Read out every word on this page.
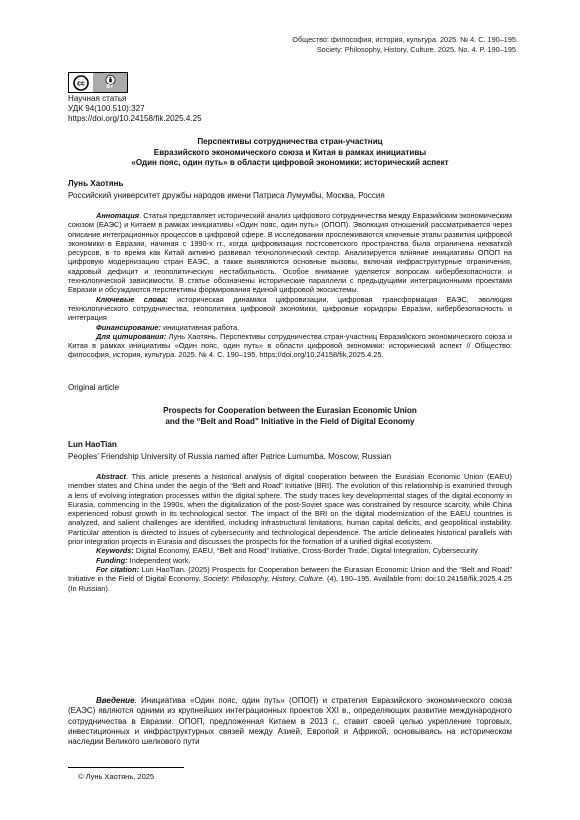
Общество: философия, история, культура. 2025. № 4. С. 190–195.
Society: Philosophy, History, Culture. 2025. No. 4. P. 190–195.
cc	BY
Научная статья
УДК 94(100.510):327
https://doi.org/10.24158/fik.2025.4.25
Перспективы сотрудничества стран-участниц
Евразийского экономического союза и Китая в рамках инициативы
«Один пояс, один путь» в области цифровой экономики: исторический аспект
Лунь Хаотянь
Российский университет дружбы народов имени Патриса Лумумбы, Москва, Россия

Аннотация. Статья представляет исторический анализ цифрового сотрудничества между Евразийским экономическим союзом (ЕАЭС) и Китаем в рамках инициативы «Один пояс, один путь» (ОПОП). Эволюция отношений рассматривается через описание интеграционных процессов в цифровой сфере. В исследовании прослеживаются ключевые этапы развития цифровой экономики в Евразии, начиная с 1990-х гг., когда цифровизация постсоветского пространства была ограничена нехваткой ресурсов, в то время как Китай активно развивал технологический сектор. Анализируется влияние инициативы ОПОП на цифровую модернизацию стран ЕАЭС, а также выявляются основные вызовы, включая инфраструктурные ограничения, кадровый дефицит и геополитическую нестабильность. Особое внимание уделяется вопросам кибербезопасности и технологической зависимости. В статье обозначены исторические параллели с предыдущими интеграционными проектами Евразии и обсуждаются перспективы формирования единой цифровой экосистемы.

Ключевые слова: историческая динамика цифровизации, цифровая трансформация ЕАЭС, эволюция технологического сотрудничества, геополитика цифровой экономики, цифровые коридоры Евразии, кибербезопасность и интеграция

Финансирование: инициативная работа.

Для цитирования: Лунь Хаотянь. Перспективы сотрудничества стран-участниц Евразийского экономического союза и Китая в рамках инициативы «Один пояс, один путь» в области цифровой экономики: исторический аспект // Общество: философия, история, культура. 2025. № 4. С. 190–195. https://doi.org/10.24158/fik.2025.4.25.

Original article
Prospects for Cooperation between the Eurasian Economic Union
and the “Belt and Road” Initiative in the Field of Digital Economy
Lun HaoTian
Peoples’ Friendship University of Russia named after Patrice Lumumba, Moscow, Russian

Abstract. This article presents a historical analysis of digital cooperation between the Eurasian Economic Union (EAEU) member states and China under the aegis of the “Belt and Road” Initiative (BRI). The evolution of this relationship is examined through a lens of evolving integration processes within the digital sphere. The study traces key developmental stages of the digital economy in Eurasia, commencing in the 1990s, when the digitalization of the post-Soviet space was constrained by resource scarcity, while China experienced robust growth in its technological sector. The impact of the BRI on the digital modernization of the EAEU countries is analyzed, and salient challenges are identified, including infrastructural limitations, human capital deficits, and geopolitical instability. Particular attention is directed to issues of cybersecurity and technological dependence. The article delineates historical parallels with prior integration projects in Eurasia and discusses the prospects for the formation of a unified digital ecosystem.

Keywords: Digital Economy, EAEU, “Belt and Road” Initiative, Cross-Border Trade, Digital Integration, Cybersecurity

Funding: Independent work.

For citation: Lun HaoTian. (2025) Prospects for Cooperation between the Eurasian Economic Union and the “Belt and Road” Initiative in the Field of Digital Economy. Society: Philosophy, History, Culture. (4), 190–195. Available from: doi:10.24158/fik.2025.4.25 (In Russian).

Введение. Инициатива «Один пояс, один путь» (ОПОП) и стратегия Евразийского экономического союза (ЕАЭС) являются одними из крупнейших интеграционных проектов XXI в., определяющих развитие международного сотрудничества в Евразии. ОПОП, предложенная Китаем в 2013 г., ставит своей целью укрепление торговых, инвестиционных и инфраструктурных связей между Азией, Европой и Африкой, основываясь на историческом наследии Великого шелкового пути

© Лунь Хаотянь, 2025
